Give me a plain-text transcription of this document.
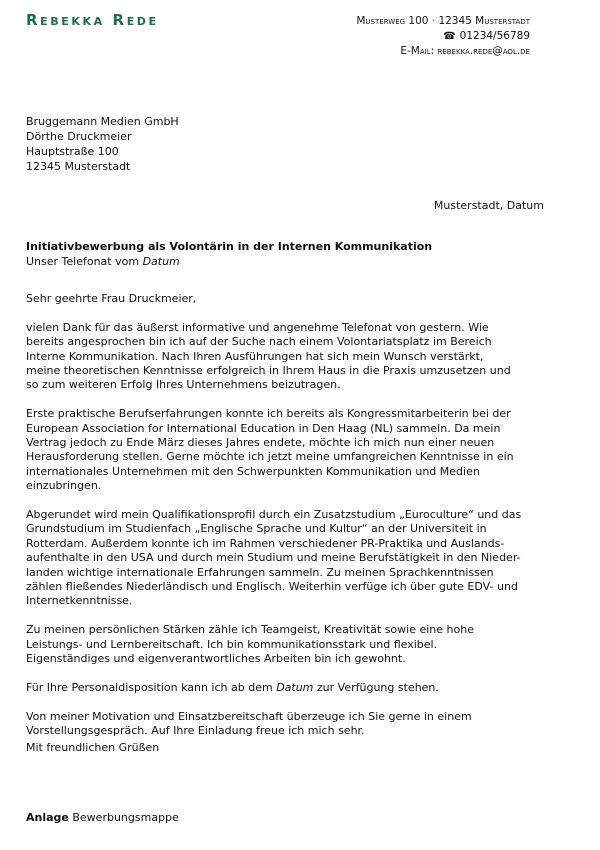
Rebekka Rede	Musterweg 100 · 12345 Musterstadt
☎ 01234/56789
E-Mail: rebekka.rede@aol.de
Bruggemann Medien GmbH
Dörthe Druckmeier
Hauptstraße 100
12345 Musterstadt
Musterstadt, Datum
Initiativbewerbung als Volontärin in der Internen Kommunikation
Unser Telefonat vom Datum

Sehr geehrte Frau Druckmeier,

vielen Dank für das äußerst informative und angenehme Telefonat von gestern. Wie
bereits angesprochen bin ich auf der Suche nach einem Volontariatsplatz im Bereich
Interne Kommunikation. Nach Ihren Ausführungen hat sich mein Wunsch verstärkt,
meine theoretischen Kenntnisse erfolgreich in Ihrem Haus in die Praxis umzusetzen und
so zum weiteren Erfolg Ihres Unternehmens beizutragen.

Erste praktische Berufserfahrungen konnte ich bereits als Kongressmitarbeiterin bei der
European Association for International Education in Den Haag (NL) sammeln. Da mein
Vertrag jedoch zu Ende März dieses Jahres endete, möchte ich mich nun einer neuen
Herausforderung stellen. Gerne möchte ich jetzt meine umfangreichen Kenntnisse in ein
internationales Unternehmen mit den Schwerpunkten Kommunikation und Medien
einzubringen.

Abgerundet wird mein Qualifikationsprofil durch ein Zusatzstudium „Euroculture“ und das
Grundstudium im Studienfach „Englische Sprache und Kultur“ an der Universiteit in
Rotterdam. Außerdem konnte ich im Rahmen verschiedener PR-Praktika und Auslands-
aufenthalte in den USA und durch mein Studium und meine Berufstätigkeit in den Nieder-
landen wichtige internationale Erfahrungen sammeln. Zu meinen Sprachkenntnissen
zählen fließendes Niederländisch und Englisch. Weiterhin verfüge ich über gute EDV- und
Internetkenntnisse.

Zu meinen persönlichen Stärken zähle ich Teamgeist, Kreativität sowie eine hohe
Leistungs- und Lernbereitschaft. Ich bin kommunikationsstark und flexibel.
Eigenständiges und eigenverantwortliches Arbeiten bin ich gewohnt.

Für Ihre Personaldisposition kann ich ab dem Datum zur Verfügung stehen.

Von meiner Motivation und Einsatzbereitschaft überzeuge ich Sie gerne in einem
Vorstellungsgespräch. Auf Ihre Einladung freue ich mich sehr.

Mit freundlichen Grüßen
Anlage Bewerbungsmappe
